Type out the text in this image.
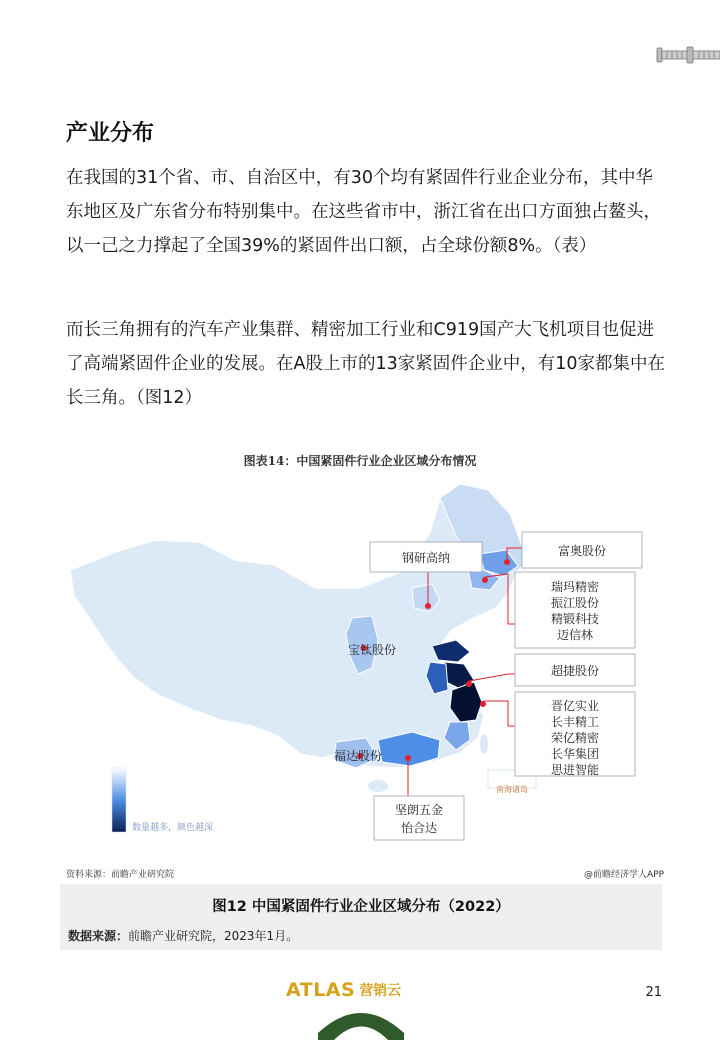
产业分布
在我国的31个省、市、自治区中，有30个均有紧固件行业企业分布，其中华东地区及广东省分布特别集中。在这些省市中，浙江省在出口方面独占鳌头，以一己之力撑起了全国39%的紧固件出口额，占全球份额8%。（表）
而长三角拥有的汽车产业集群、精密加工行业和C919国产大飞机项目也促进了高端紧固件企业的发展。在A股上市的13家紧固件企业中，有10家都集中在长三角。（图12）
图表14：中国紧固件行业企业区域分布情况
南海诸岛
数量越多，颜色越深
钢研高纳	富奥股份
瑞玛精密
振江股份
精锻科技
迈信林
超捷股份
晋亿实业
长丰精工
荣亿精密
长华集团
思进智能
宝钛股份
福达股份
坚朗五金
怡合达
资料来源：前瞻产业研究院	@前瞻经济学人APP
图12 中国紧固件行业企业区域分布（2022）
数据来源：前瞻产业研究院，2023年1月。
ATLAS 营销云	21
